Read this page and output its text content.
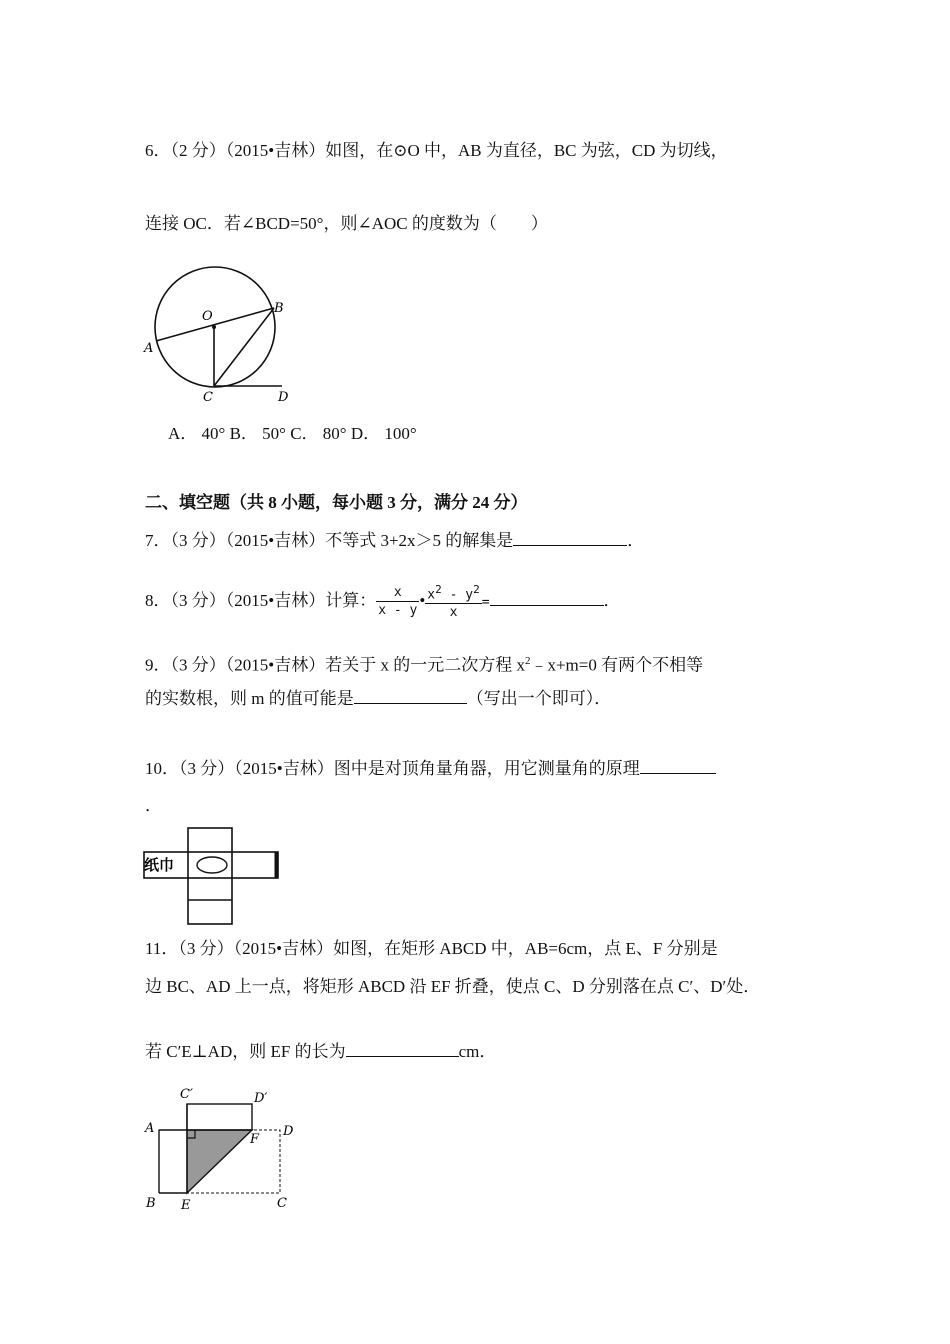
6．（2 分）（2015•吉林）如图，在⊙O 中，AB 为直径，BC 为弦，CD 为切线，
连接 OC．若∠BCD=50°，则∠AOC 的度数为（　　）
O
A
B
C	D
A． 40° B． 50° C． 80° D． 100°
二、填空题（共 8 小题，每小题 3 分，满分 24 分）
7．（3 分）（2015•吉林）不等式 3+2x＞5 的解集是	．
8．（3 分）（2015•吉林）计算： $\frac{x}{x - y}$ • $\frac{x^2 - y^2}{x}$ =	．
9．（3 分）（2015•吉林）若关于 x 的一元二次方程 $x^2﹣x+m=0$ 有两个不相等
的实数根，则 m 的值可能是	（写出一个即可）．
10．（3 分）（2015•吉林）图中是对顶角量角器，用它测量角的原理
．
纸巾
11．（3 分）（2015•吉林）如图，在矩形 ABCD 中，AB=6cm，点 E、F 分别是
边 BC、AD 上一点，将矩形 ABCD 沿 EF 折叠，使点 C、D 分别落在点 C′、D′处．
若 C′E⊥AD，则 EF 的长为	cm．
C′	D′
A	D
F
B E	C
